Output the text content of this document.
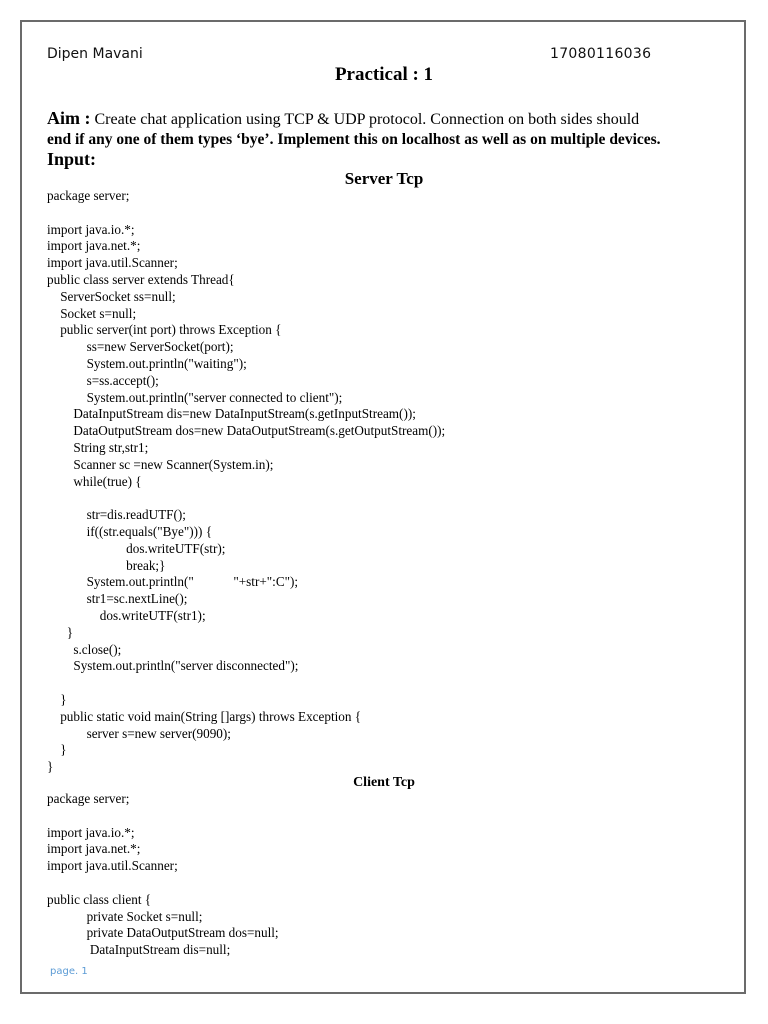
Dipen Mavani	17080116036
Practical : 1
Aim : Create chat application using TCP & UDP protocol. Connection on both sides should
end if any one of them types ‘bye’. Implement this on localhost as well as on multiple devices.
Input:
Server Tcp
package server;
import java.io.*;
import java.net.*;
import java.util.Scanner;
public class server extends Thread{
ServerSocket ss=null;
Socket s=null;
public server(int port) throws Exception {
ss=new ServerSocket(port);
System.out.println("waiting");
s=ss.accept();
System.out.println("server connected to client");
DataInputStream dis=new DataInputStream(s.getInputStream());
DataOutputStream dos=new DataOutputStream(s.getOutputStream());
String str,str1;
Scanner sc =new Scanner(System.in);
while(true) {
str=dis.readUTF();
if((str.equals("Bye"))) {
dos.writeUTF(str);
break;}
System.out.println("            "+str+":C");
str1=sc.nextLine();
dos.writeUTF(str1);
}
s.close();
System.out.println("server disconnected");
}
public static void main(String []args) throws Exception {
server s=new server(9090);
}
}
Client Tcp
package server;
import java.io.*;
import java.net.*;
import java.util.Scanner;
public class client {
private Socket s=null;
private DataOutputStream dos=null;
DataInputStream dis=null;
page. 1
